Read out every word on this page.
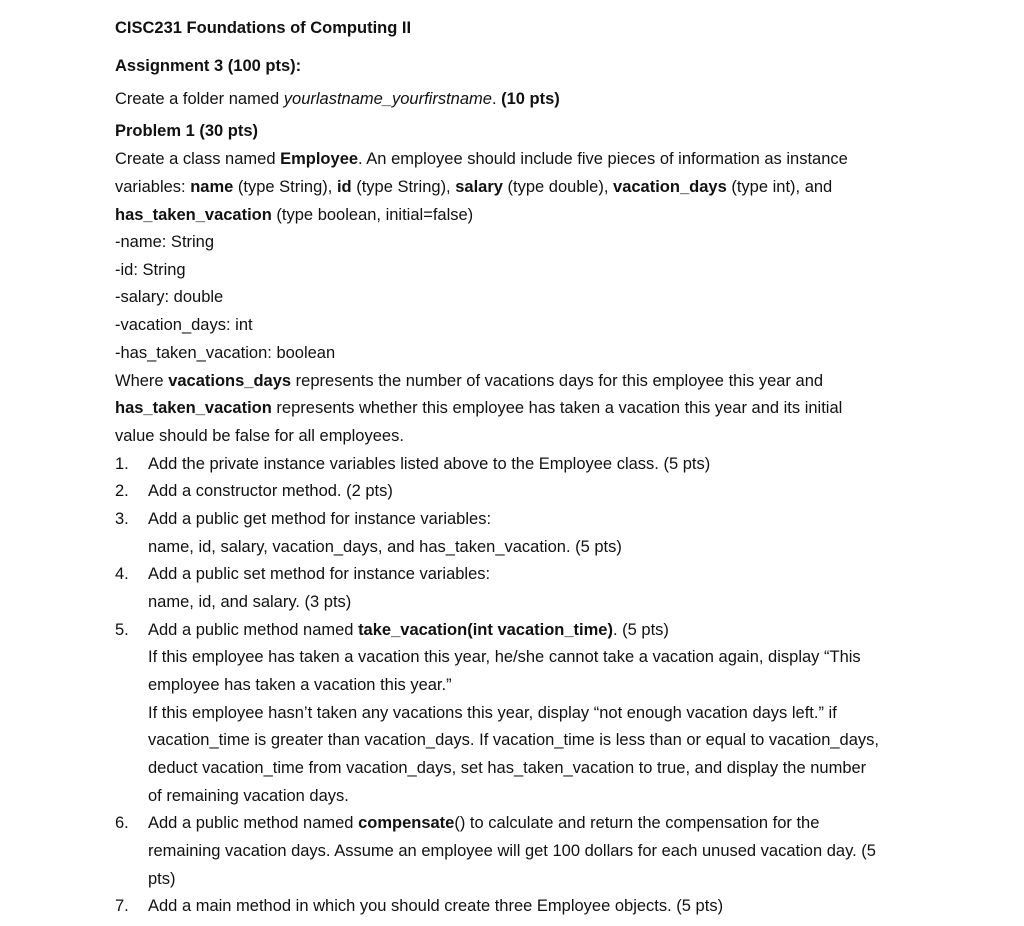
CISC231 Foundations of Computing II
Assignment 3 (100 pts):
Create a folder named yourlastname_yourfirstname. (10 pts)
Problem 1 (30 pts)
Create a class named Employee. An employee should include five pieces of information as instance
variables: name (type String), id (type String), salary (type double), vacation_days (type int), and
has_taken_vacation (type boolean, initial=false)
-name: String
-id: String
-salary: double
-vacation_days: int
-has_taken_vacation: boolean
Where vacations_days represents the number of vacations days for this employee this year and
has_taken_vacation represents whether this employee has taken a vacation this year and its initial
value should be false for all employees.
1. Add the private instance variables listed above to the Employee class. (5 pts)
2. Add a constructor method. (2 pts)
3. Add a public get method for instance variables:
name, id, salary, vacation_days, and has_taken_vacation. (5 pts)
4. Add a public set method for instance variables:
name, id, and salary. (3 pts)
5. Add a public method named take_vacation(int vacation_time). (5 pts)
If this employee has taken a vacation this year, he/she cannot take a vacation again, display “This
employee has taken a vacation this year.”
If this employee hasn’t taken any vacations this year, display “not enough vacation days left.” if
vacation_time is greater than vacation_days. If vacation_time is less than or equal to vacation_days,
deduct vacation_time from vacation_days, set has_taken_vacation to true, and display the number
of remaining vacation days.
6. Add a public method named compensate() to calculate and return the compensation for the
remaining vacation days. Assume an employee will get 100 dollars for each unused vacation day. (5
pts)
7. Add a main method in which you should create three Employee objects. (5 pts)
